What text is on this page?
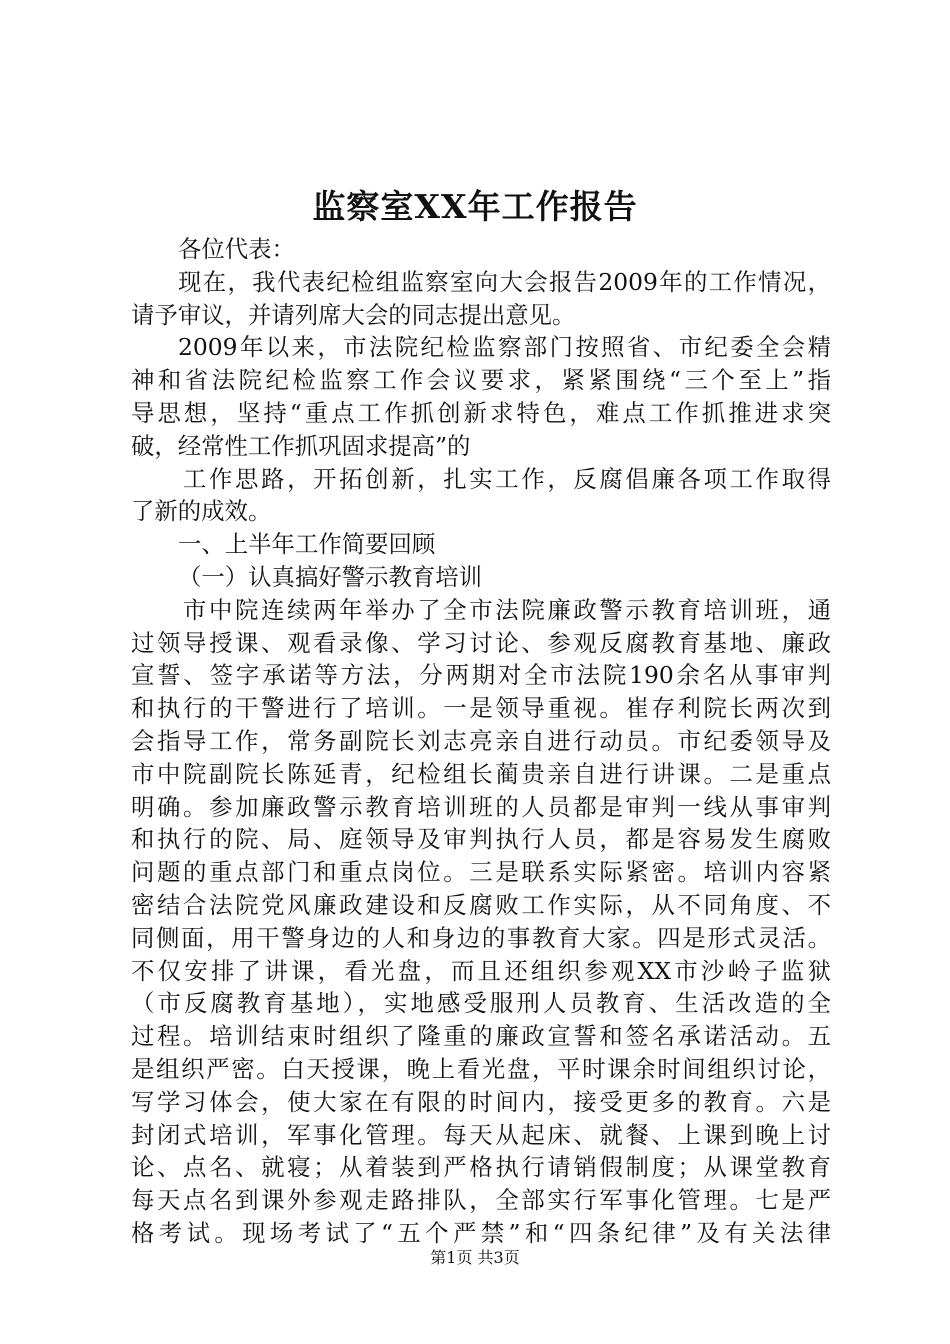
监察室XX年工作报告
各位代表：
现在，我代表纪检组监察室向大会报告2009年的工作情况，
请予审议，并请列席大会的同志提出意见。
2009年以来，市法院纪检监察部门按照省、市纪委全会精
神和省法院纪检监察工作会议要求，紧紧围绕“三个至上”指
导思想，坚持“重点工作抓创新求特色，难点工作抓推进求突
破，经常性工作抓巩固求提高”的
工作思路，开拓创新，扎实工作，反腐倡廉各项工作取得
了新的成效。
一、上半年工作简要回顾
（一）认真搞好警示教育培训
市中院连续两年举办了全市法院廉政警示教育培训班，通
过领导授课、观看录像、学习讨论、参观反腐教育基地、廉政
宣誓、签字承诺等方法，分两期对全市法院190余名从事审判
和执行的干警进行了培训。一是领导重视。崔存利院长两次到
会指导工作，常务副院长刘志亮亲自进行动员。市纪委领导及
市中院副院长陈延青，纪检组长蔺贵亲自进行讲课。二是重点
明确。参加廉政警示教育培训班的人员都是审判一线从事审判
和执行的院、局、庭领导及审判执行人员，都是容易发生腐败
问题的重点部门和重点岗位。三是联系实际紧密。培训内容紧
密结合法院党风廉政建设和反腐败工作实际，从不同角度、不
同侧面，用干警身边的人和身边的事教育大家。四是形式灵活。
不仅安排了讲课，看光盘，而且还组织参观XX市沙岭子监狱
（市反腐教育基地），实地感受服刑人员教育、生活改造的全
过程。培训结束时组织了隆重的廉政宣誓和签名承诺活动。五
是组织严密。白天授课，晚上看光盘，平时课余时间组织讨论，
写学习体会，使大家在有限的时间内，接受更多的教育。六是
封闭式培训，军事化管理。每天从起床、就餐、上课到晚上讨
论、点名、就寝；从着装到严格执行请销假制度；从课堂教育
每天点名到课外参观走路排队，全部实行军事化管理。七是严
格考试。现场考试了“五个严禁”和“四条纪律”及有关法律
第1页 共3页
